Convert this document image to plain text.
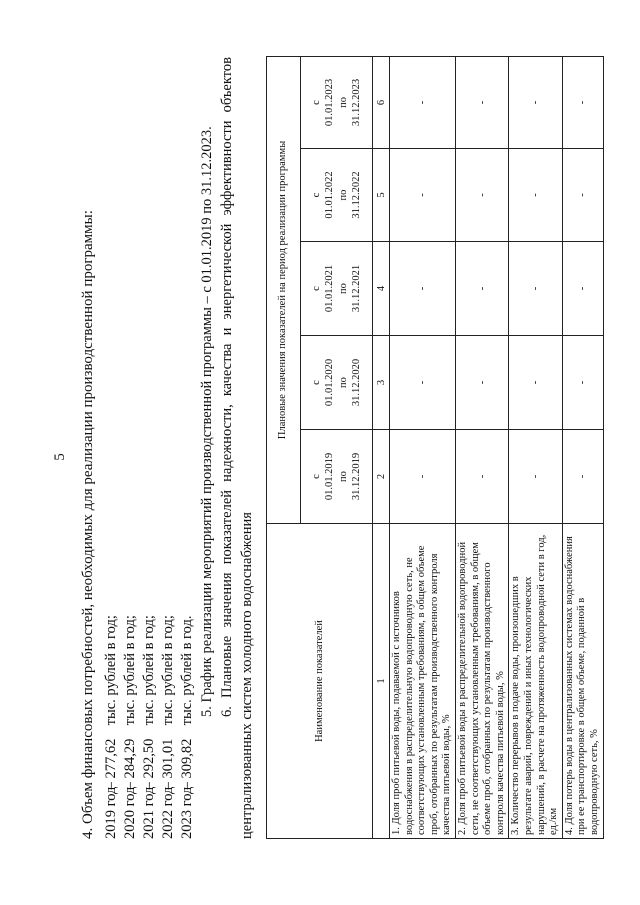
5 4. Объем финансовых потребностей, необходимых для реализации производственной программы: 2019 год – 277,62тыс. рублей в год;
2020 год – 284,29тыс. рублей в год;
2021 год – 292,50тыс. рублей в год;
2022 год – 301,01тыс. рублей в год;
2023 год – 309,82тыс. рублей в год. 5. График реализации мероприятий производственной программы – с 01.01.2019 по 31.12.2023. 6.
Плановые
значения
показателей
надежности,
качества
и
энергетической
эффективности
объектов
централизованных систем холодного водоснабжения	Наименование показателей	Плановые значения показателей на период реализации программы				
	с 01.01.2019 по 31.12.2019	с 01.01.2020 по 31.12.2020	с 01.01.2021 по 31.12.2021	с 01.01.2022 по 31.12.2022	с 01.01.2023 по 31.12.2023
1	2	3	4	5	6
1. Доля проб питьевой воды, подаваемой с источников водоснабжения в распределительную водопроводную сеть, не соответствующих установленным требованиям, в общем объеме проб, отобранных по результатам производственного контроля качества питьевой воды, %	-	-	-	-	-
2. Доля проб питьевой воды в распределительной водопроводной сети, не соответствующих установленным требованиям, в общем объеме проб, отобранных по результатам производственного контроля качества питьевой воды, %	-	-	-	-	-
3. Количество перерывов в подаче воды, произошедших в результате аварий, повреждений и иных технологических нарушений, в расчете на протяженность водопроводной сети в год, ед./км	-	-	-	-	-
4. Доля потерь воды в централизованных системах водоснабжения при ее транспортировке в общем объеме, поданной в водопроводную сеть, %	-	-	-	-	-
